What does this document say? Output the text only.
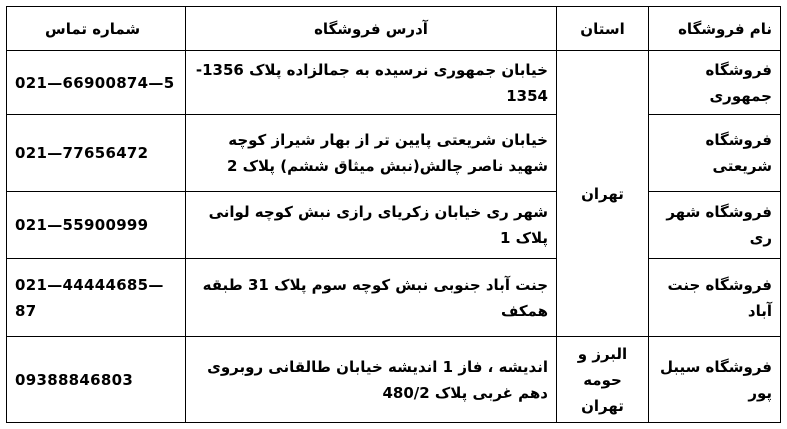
نام فروشگاه	استان	آدرس فروشگاه	شماره تماس
فروشگاه جمهوری	تهران	خیابان جمهوری نرسیده به جمالزاده پلاک 1356-1354	021—66900874—5
فروشگاه شریعتی		خیابان شریعتی پایین تر از بهار شیراز کوچه شهید ناصر چالش(نبش میثاق ششم) پلاک 2	021—77656472
فروشگاه شهر ری		شهر ری خیابان زکریای رازی نبش کوچه لوانی پلاک 1	021—55900999
فروشگاه جنت آباد		جنت آباد جنوبی نبش کوچه سوم پلاک 31 طبقه همکف	021—44444685—87
فروشگاه سیبل پور	البرز و حومه تهران	اندیشه ، فاز 1 اندیشه خیابان طالقانی روبروی دهم غربی پلاک 480/2	09388846803
